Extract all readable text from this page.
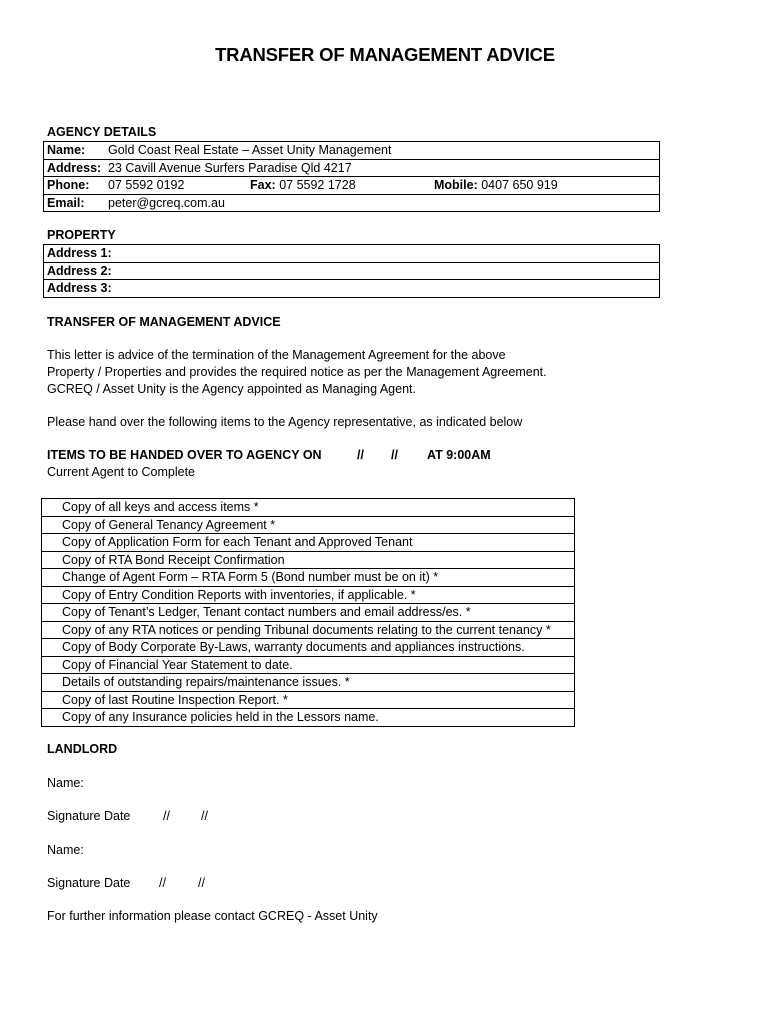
TRANSFER OF MANAGEMENT ADVICE
AGENCY DETAILS
Name: Gold Coast Real Estate – Asset Unity Management
Address: 23 Cavill Avenue Surfers Paradise Qld 4217
Phone: 07 5592 0192	Fax: 07 5592 1728	Mobile: 0407 650 919
Email: peter@gcreq.com.au
PROPERTY
Address 1:
Address 2:
Address 3:
TRANSFER OF MANAGEMENT ADVICE
This letter is advice of the termination of the Management Agreement for the above
Property / Properties and provides the required notice as per the Management Agreement.
GCREQ / Asset Unity is the Agency appointed as Managing Agent.
Please hand over the following items to the Agency representative, as indicated below
ITEMS TO BE HANDED OVER TO AGENCY ON	// // AT 9:00AM
Current Agent to Complete
Copy of all keys and access items *
Copy of General Tenancy Agreement *
Copy of Application Form for each Tenant and Approved Tenant
Copy of RTA Bond Receipt Confirmation
Change of Agent Form – RTA Form 5 (Bond number must be on it) *
Copy of Entry Condition Reports with inventories, if applicable. *
Copy of Tenant’s Ledger, Tenant contact numbers and email address/es. *
Copy of any RTA notices or pending Tribunal documents relating to the current tenancy *
Copy of Body Corporate By-Laws, warranty documents and appliances instructions.
Copy of Financial Year Statement to date.
Details of outstanding repairs/maintenance issues. *
Copy of last Routine Inspection Report. *
Copy of any Insurance policies held in the Lessors name.
LANDLORD
Name:
Signature Date	// //
Name:
Signature Date //	//
For further information please contact GCREQ - Asset Unity
